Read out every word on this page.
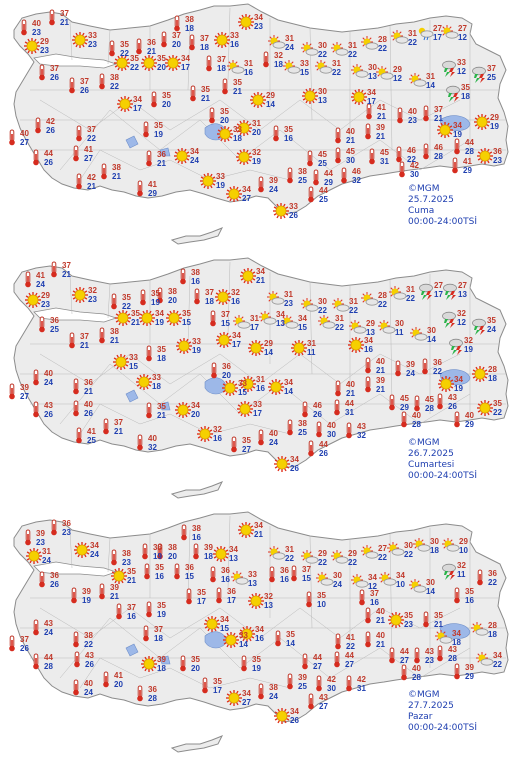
©MGM
25.7.2025
Cuma
00:00-24:00TSİ
40
23
37
21
33
23
29
23
35
22
36
21
37
20
38
18
37
18
33
16
34
23
31
24	30
22
31
22
28
22
31
22
27
17
27
12
37
26	37
26
38
22
35
22
35
20
34
17
37
18
31
16
32
18 33
15
31
22
30
13
29
12	31
14
33
12	37
25
35
18
34
17
35
20
35
21
35
21	29
14
30
13
34
17
42
26	37
22
35
19
35
20
33
18
31
20	35
16
41
21
40
23
37
21
34
19
29
19
40
27
40
21
39
21
44
26
41
27	36
21
34
24
32
19
45
25
45
30
45
31
46
22
46
28
44
28 36
23
42
30
41
29
38
21
42
21	41
29
33
19 34
27
39
24
38
25
44
29
46
32
44
25
33
26
©MGM
26.7.2025
Cumartesi
00:00-24:00TSİ
41
24
37
21
32
23
29
23
35
22
35
19
38
20
38
16
37
18
32
16
34
21
31
23	30
22
31
22
28
22
31
22
27
17
27
13
36
25
37
21
38
21
35
21
34
19
35
15
37
15
31
17
34
13
34
15
31
22	29
13
30
11	30
14
32
12	35
24
32
19
33
15
35
18
33
19
34
17	29
14
31
11
34
16
40
24	36
21
33
18
36
20
33
15
31
16
34
14
40
21
39
24
36
22
34
19
28
18
39
27
40
21
39
21
43
26
40
26
35
21
34
20
33
17
46
26
44
31
45
29
45
28
43
26	35
22
40
28
40
29
37
21
41
25	40
32
32
16	35
27
40
24
38
25
40
30
43
32
44
26
34
26
©MGM
27.7.2025
Pazar
00:00-24:00TSİ
39
23
36
23
34
24
31
24
38
23
38
19
38
20
38
16
39
18
34
13
34
21
31
22
29
22
29
22
27
22
30
22
30
18
29
10
36
26
39
19
39
21
35
21
35
16
36
15
36
16
33
13
36
16
37
15	30
24
34
12
34
10	30
14
32
11	36
22
35
16
37
16
35
19
35
17
36
17	32
13
35
10
37
16
43
24	38
22
37
18
34
15
33
14
34
16	35
14
40
21
35
23
35
21
34
18
28
18
37
26
41
22
40
21
44
28
43
26
39
18
35
20
35
19
44
27
44
27
44
27
43
23
43
28	34
22
40
28
39
29
41
20
40
24	36
28
35
17	34
27
38
24
39
25
42
30
42
31
43
27
34
26
